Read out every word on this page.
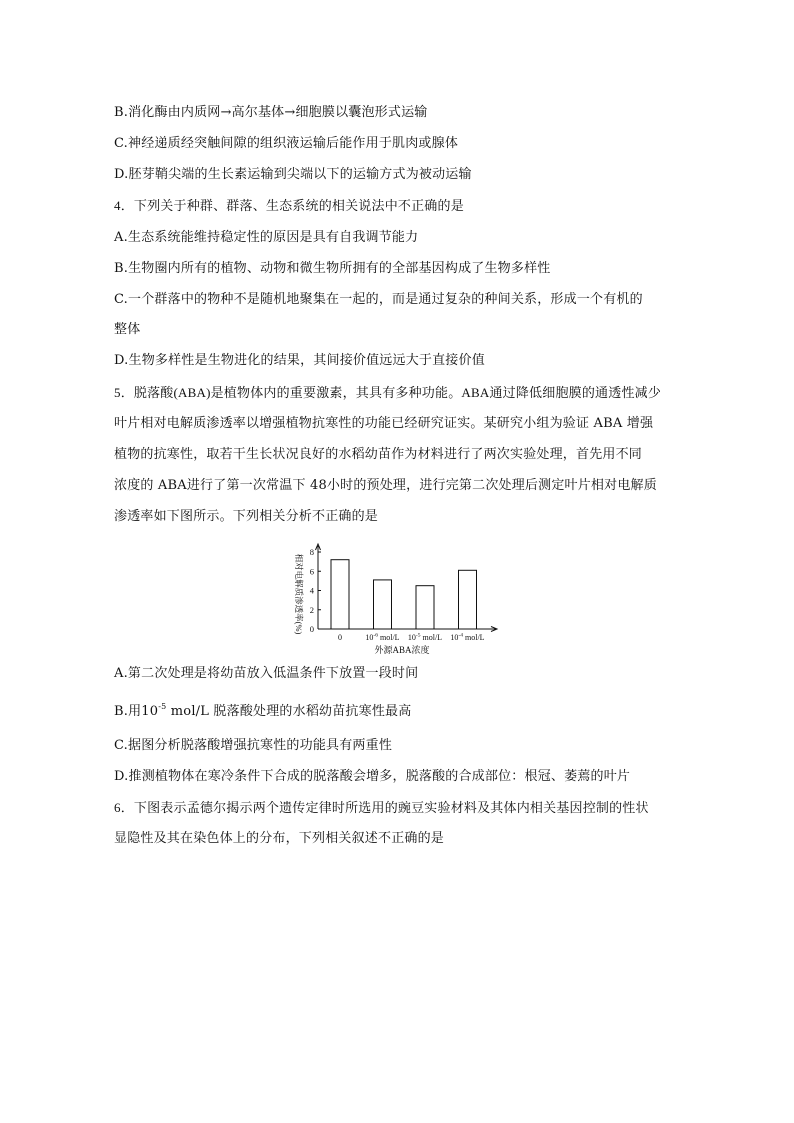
B.消化酶由内质网→高尔基体→细胞膜以囊泡形式运输
C.神经递质经突触间隙的组织液运输后能作用于肌肉或腺体
D.胚芽鞘尖端的生长素运输到尖端以下的运输方式为被动运输
4．下列关于种群、群落、生态系统的相关说法中不正确的是
A.生态系统能维持稳定性的原因是具有自我调节能力
B.生物圈内所有的植物、动物和微生物所拥有的全部基因构成了生物多样性
C.一个群落中的物种不是随机地聚集在一起的，而是通过复杂的种间关系，形成一个有机的
整体
D.生物多样性是生物进化的结果，其间接价值远远大于直接价值
5．脱落酸(ABA)是植物体内的重要激素，其具有多种功能。ABA通过降低细胞膜的通透性减少
叶片相对电解质渗透率以增强植物抗寒性的功能已经研究证实。某研究小组为验证 ABA 增强
植物的抗寒性，取若干生长状况良好的水稻幼苗作为材料进行了两次实验处理，首先用不同
浓度的 ABA进行了第一次常温下 48小时的预处理，进行完第二次处理后测定叶片相对电解质
渗透率如下图所示。下列相关分析不正确的是
相对电解质渗透率(%)
外源ABA浓度
0
2
4
6
8
0	$10^{-6}$ mol/L $10^{-5}$ mol/L $10^{-4}$ mol/L
A.第二次处理是将幼苗放入低温条件下放置一段时间
B.用$10^{-5}$ mol/L 脱落酸处理的水稻幼苗抗寒性最高
C.据图分析脱落酸增强抗寒性的功能具有两重性
D.推测植物体在寒冷条件下合成的脱落酸会增多，脱落酸的合成部位：根冠、萎蔫的叶片
6．下图表示孟德尔揭示两个遗传定律时所选用的豌豆实验材料及其体内相关基因控制的性状
显隐性及其在染色体上的分布，下列相关叙述不正确的是
